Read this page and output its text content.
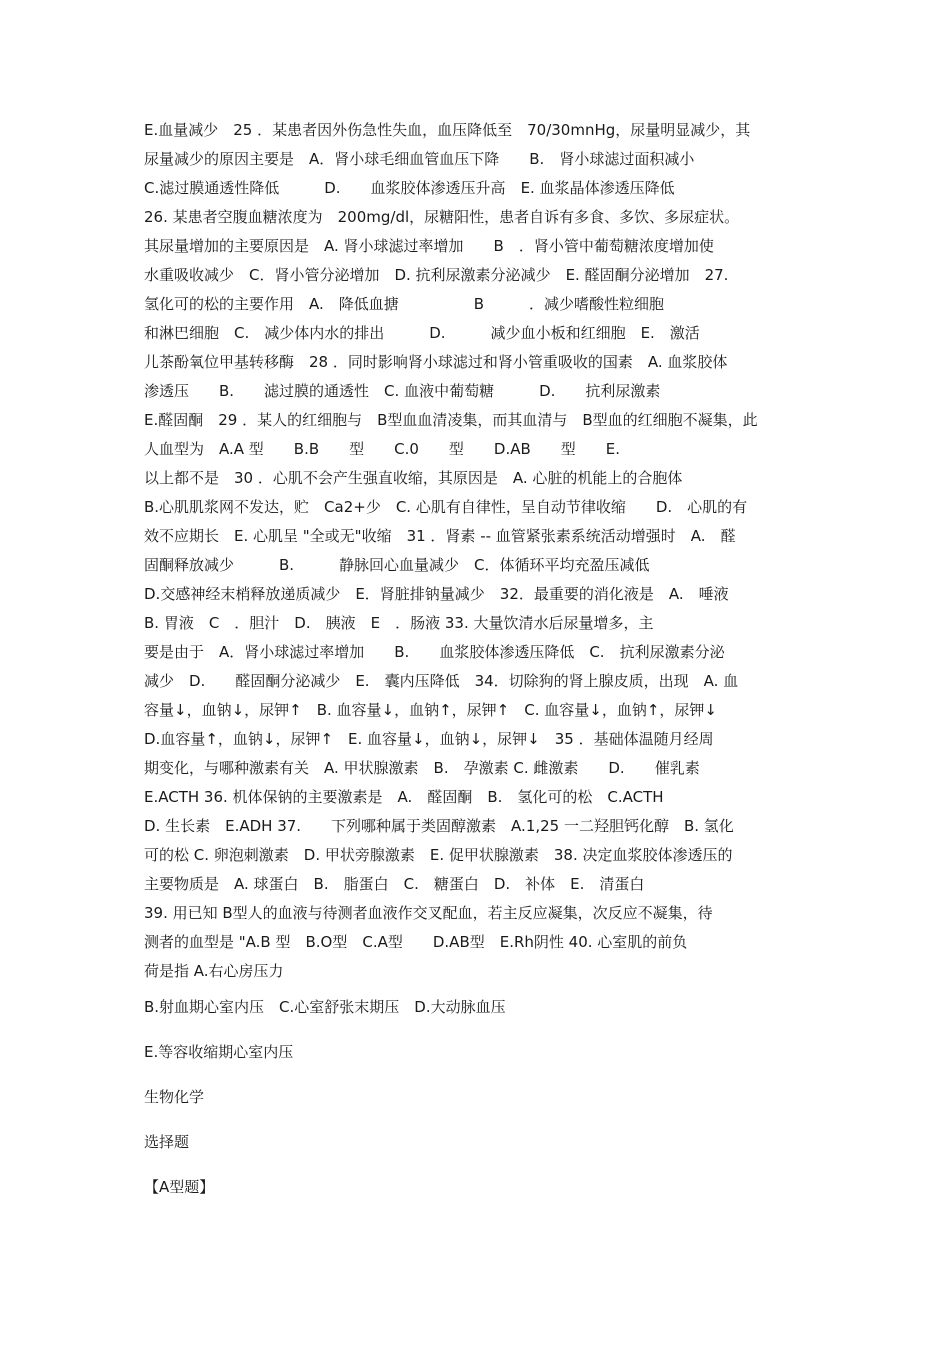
E.血量减少　25 ．某患者因外伤急性失血，血压降低至　70/30mnHg，尿量明显减少，其
尿量减少的原因主要是　A．肾小球毛细血管血压下降　　B.　肾小球滤过面积减小
C.滤过膜通透性降低　　　D.　　血浆胶体渗透压升高　E. 血浆晶体渗透压降低
26. 某患者空腹血糖浓度为　200mg/dl，尿糖阳性，患者自诉有多食、多饮、多尿症状。
其尿量增加的主要原因是　A. 肾小球滤过率增加　　B　．肾小管中葡萄糖浓度增加使
水重吸收减少　C．肾小管分泌增加　D. 抗利尿激素分泌减少　E. 醛固酮分泌增加　27.
氢化可的松的主要作用　A.　降低血搪　　　　　B　　　．减少嗜酸性粒细胞
和淋巴细胞　C.　减少体内水的排出　　　D.　　　减少血小板和红细胞　E.　激活
儿茶酚氧位甲基转移酶　28 ．同时影响肾小球滤过和肾小管重吸收的国素　A. 血浆胶体
渗透压　　B.　　滤过膜的通透性　C. 血液中葡萄糖　　　D.　　抗利尿激素
E.醛固酮　29 ．某人的红细胞与　B型血血清凌集，而其血清与　B型血的红细胞不凝集，此
人血型为　A.A 型　　B.B　　型　　C.0　　型　　D.AB　　型　　E.
以上都不是　30 ．心肌不会产生强直收缩，其原因是　A. 心脏的机能上的合胞体
B.心肌肌浆网不发达，贮　Ca2+少　C. 心肌有自律性，呈自动节律收缩　　D.　心肌的有
效不应期长　E. 心肌呈 "全或无"收缩　31 ．肾素 -- 血管紧张素系统活动增强时　A.　醛
固酮释放减少　　　B.　　　静脉回心血量减少　C．体循环平均充盈压减低
D.交感神经末梢释放递质减少　E．肾脏排钠量减少　32．最重要的消化液是　A.　唾液
B. 胃液　C　．胆汁　D.　胰液　E　．肠液 33. 大量饮清水后尿量增多，主
要是由于　A．肾小球滤过率增加　　B.　　血浆胶体渗透压降低　C.　抗利尿激素分泌
减少　D.　　醛固酮分泌减少　E.　囊内压降低　34．切除狗的肾上腺皮质，出现　A. 血
容量↓，血钠↓，尿钾↑　B. 血容量↓，血钠↑，尿钾↑　C. 血容量↓，血钠↑，尿钾↓
D.血容量↑，血钠↓，尿钾↑　E. 血容量↓，血钠↓，尿钾↓　35 ．基础体温随月经周
期变化，与哪种激素有关　A. 甲状腺激素　B.　孕激素 C. 雌激素　　D.　　催乳素
E.ACTH 36. 机体保钠的主要激素是　A.　醛固酮　B.　氢化可的松　C.ACTH
D. 生长素　E.ADH 37.　　下列哪种属于类固醇激素　A.1,25 一二羟胆钙化醇　B. 氢化
可的松 C. 卵泡刺激素　D. 甲状旁腺激素　E. 促甲状腺激素　38. 决定血浆胶体渗透压的
主要物质是　A. 球蛋白　B.　脂蛋白　C.　糖蛋白　D.　补体　E.　清蛋白
39. 用已知 B型人的血液与待测者血液作交叉配血，若主反应凝集，次反应不凝集，待
测者的血型是 "A.B 型　B.O型　C.A型　　D.AB型　E.Rh阴性 40. 心室肌的前负
荷是指 A.右心房压力

B.射血期心室内压　C.心室舒张末期压　D.大动脉血压

E.等容收缩期心室内压

生物化学

选择题

【A型题】
